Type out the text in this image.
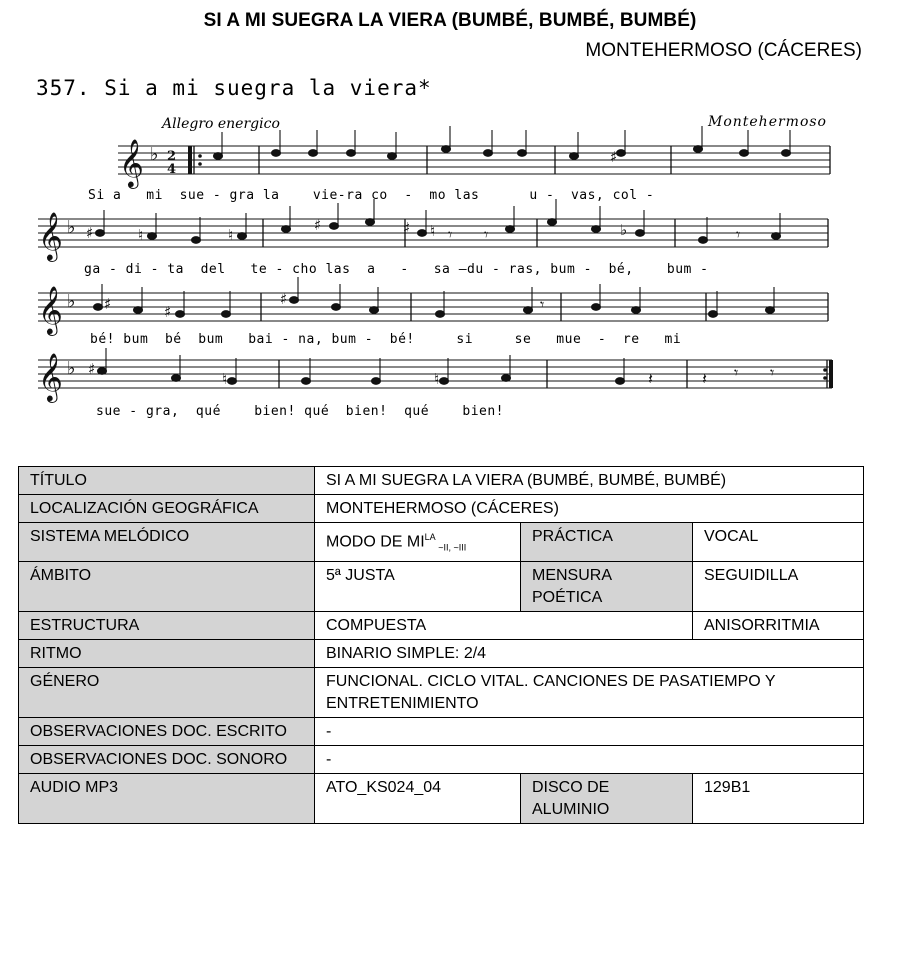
SI A MI SUEGRA LA VIERA (BUMBÉ, BUMBÉ, BUMBÉ)
MONTEHERMOSO (CÁCERES)
357. Si a mi suegra la viera*
Allegro energico	Montehermoso
𝄞
𝄞
𝄞
𝄞
♭
♭
♭
♭
2
4
♯
♯
♯	♮	♮
♯	♮	♭
♯	♯
♯
♯
♮	♮
𝄾 𝄾	𝄾
𝄾
𝄾
𝄽	𝄽	𝄾
Si a   mi  sue - gra la    vie-ra co  -  mo las      u -  vas, col -
ga - di - ta  del   te - cho las  a   -   sa —du - ras, bum -  bé,    bum -
bé! bum  bé  bum   bai - na, bum -  bé!     si     se   mue  -  re   mi
sue - gra,  qué    bien! qué  bien!  qué    bien!
TÍTULO	SI A MI SUEGRA LA VIERA (BUMBÉ, BUMBÉ, BUMBÉ)		
LOCALIZACIÓN GEOGRÁFICA	MONTEHERMOSO (CÁCERES)		
SISTEMA MELÓDICO	MODO DE $MI^{LA}$ $_{\sim II, \sim III}$	PRÁCTICA	VOCAL
ÁMBITO	5ª JUSTA	MENSURA POÉTICA	SEGUIDILLA
ESTRUCTURA	COMPUESTA		ANISORRITMIA
RITMO	BINARIO SIMPLE: 2/4		
GÉNERO	FUNCIONAL. CICLO VITAL. CANCIONES DE PASATIEMPO Y ENTRETENIMIENTO		
OBSERVACIONES DOC. ESCRITO	-		
OBSERVACIONES DOC. SONORO	-		
AUDIO MP3	ATO_KS024_04	DISCO DE ALUMINIO	129B1
